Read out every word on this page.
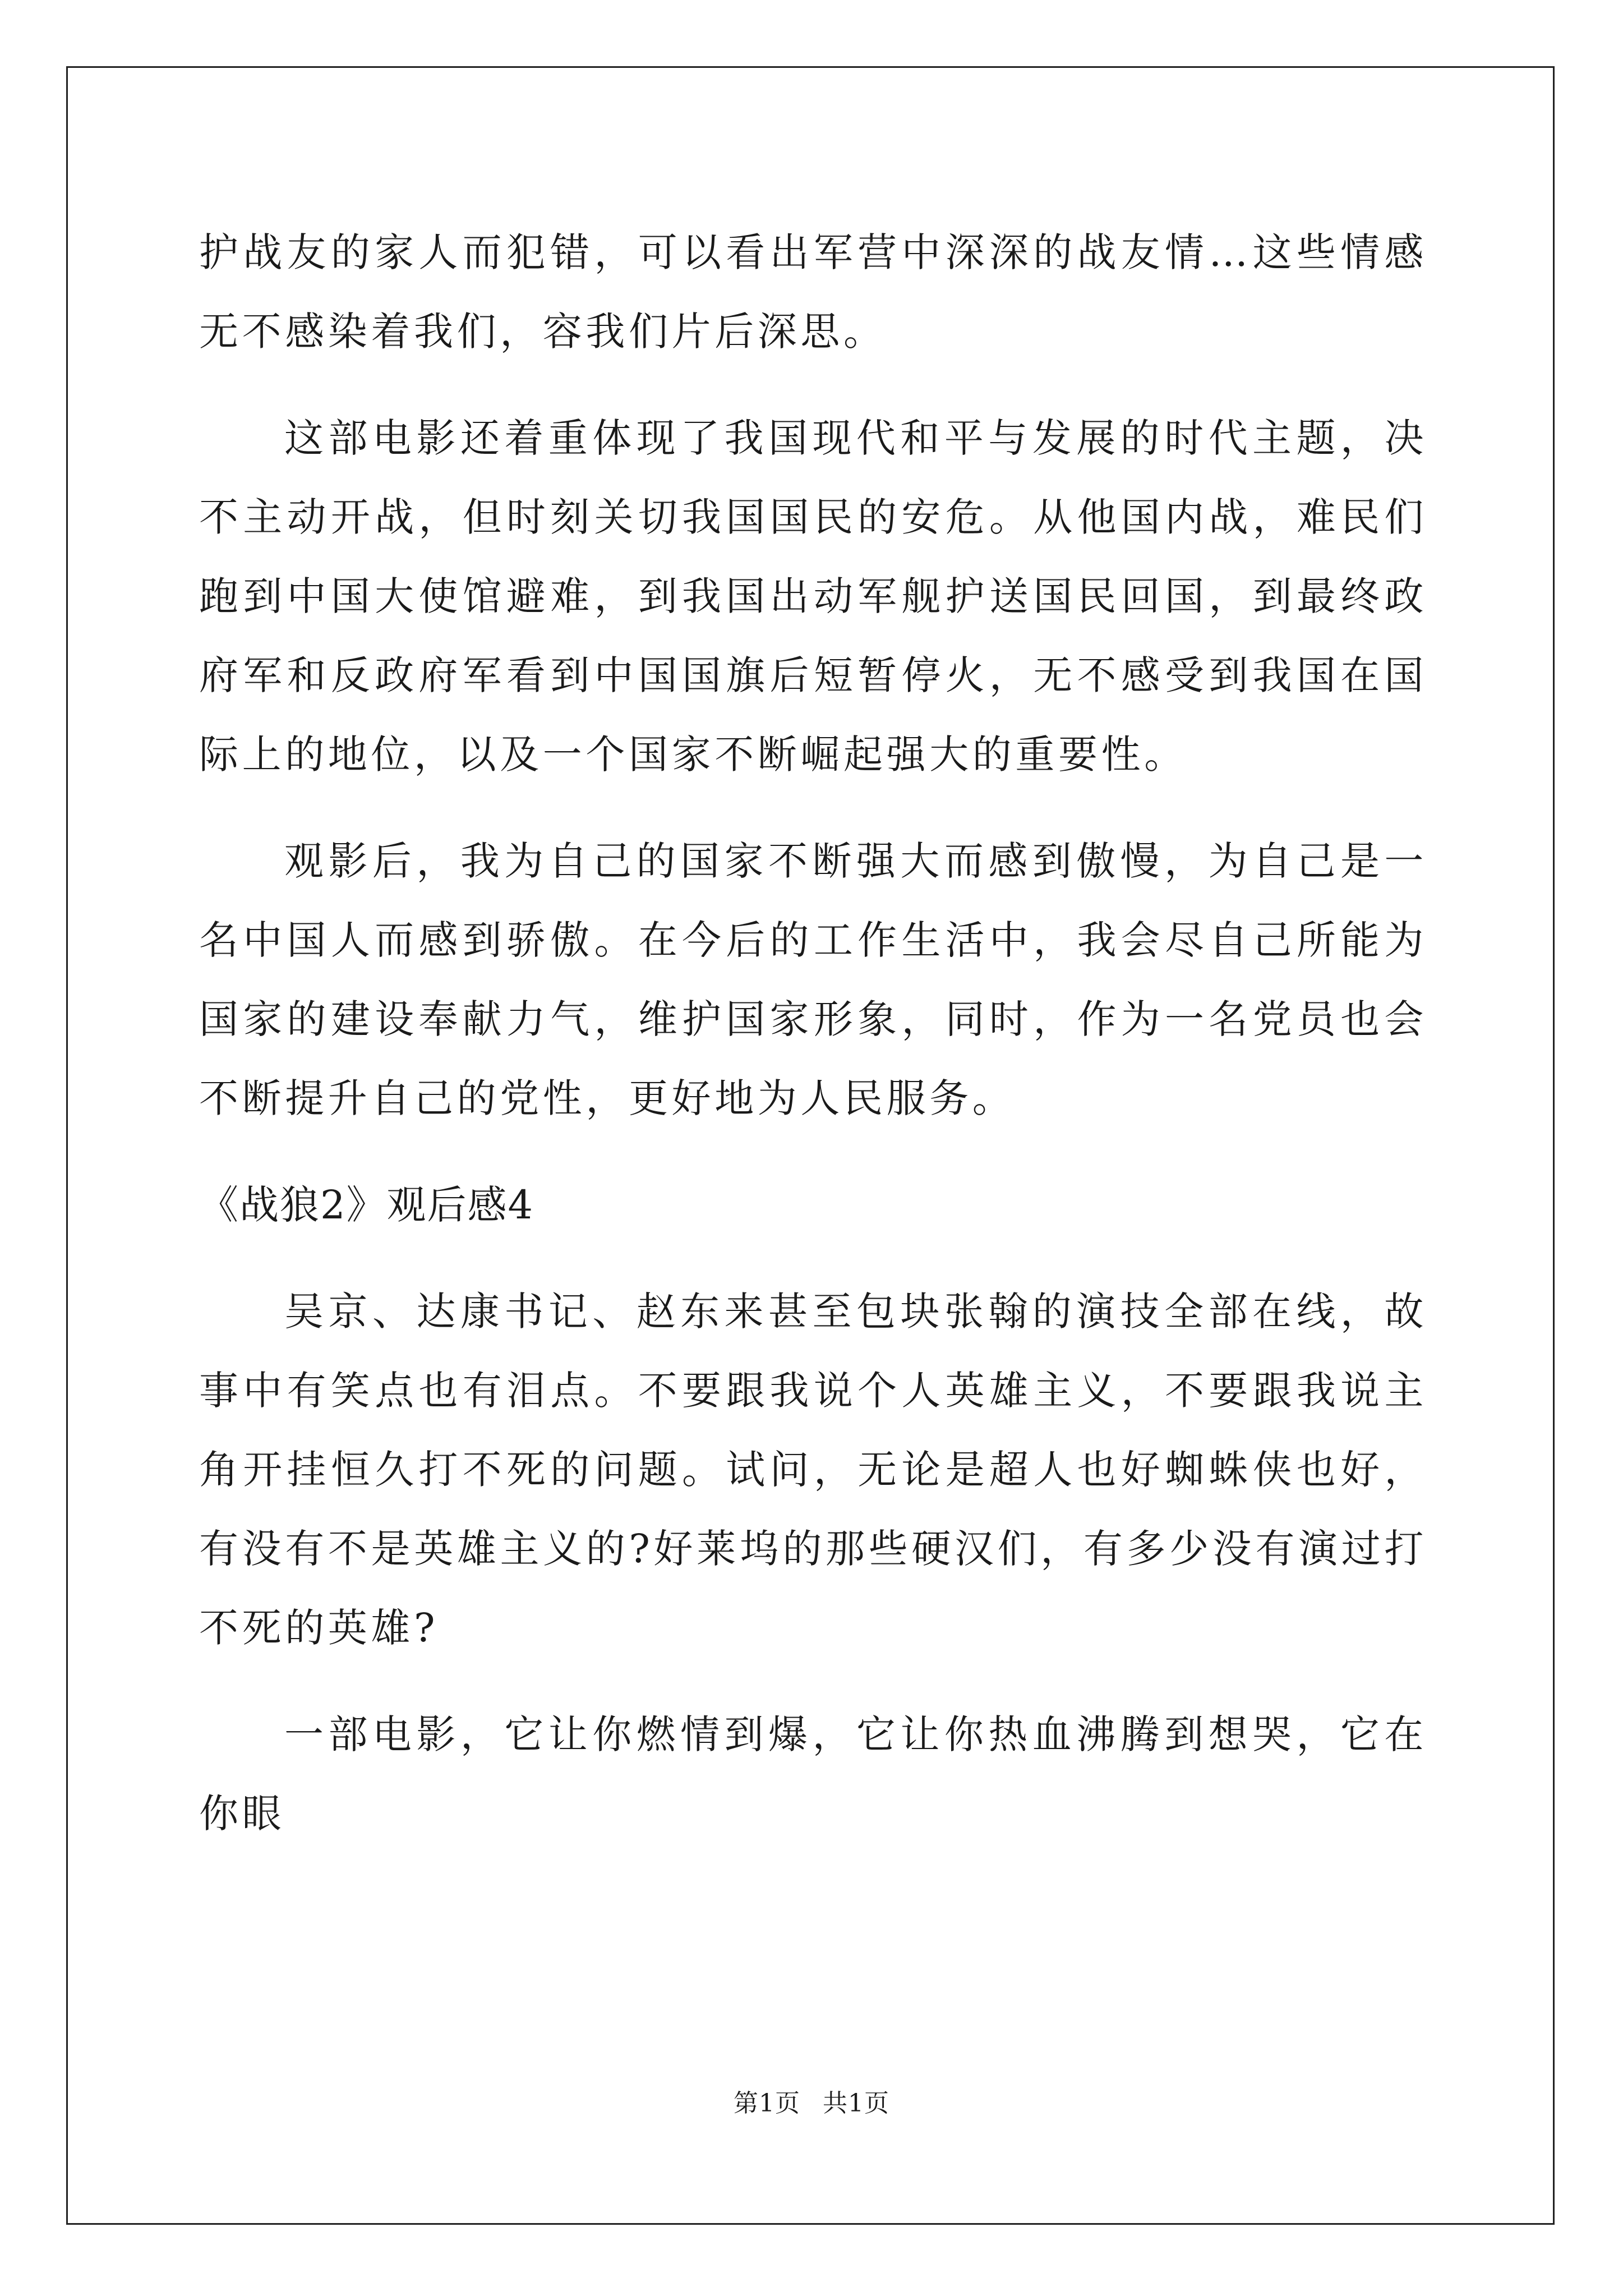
护战友的家人而犯错，可以看出军营中深深的战友情…这些情感无不感染着我们，容我们片后深思。

这部电影还着重体现了我国现代和平与发展的时代主题，决不主动开战，但时刻关切我国国民的安危。从他国内战，难民们跑到中国大使馆避难，到我国出动军舰护送国民回国，到最终政府军和反政府军看到中国国旗后短暂停火，无不感受到我国在国际上的地位，以及一个国家不断崛起强大的重要性。

观影后，我为自己的国家不断强大而感到傲慢，为自己是一名中国人而感到骄傲。在今后的工作生活中，我会尽自己所能为国家的建设奉献力气，维护国家形象，同时，作为一名党员也会不断提升自己的党性，更好地为人民服务。

《战狼2》观后感4

吴京、达康书记、赵东来甚至包块张翰的演技全部在线，故事中有笑点也有泪点。不要跟我说个人英雄主义，不要跟我说主角开挂恒久打不死的问题。试问，无论是超人也好蜘蛛侠也好，有没有不是英雄主义的?好莱坞的那些硬汉们，有多少没有演过打不死的英雄?

一部电影，它让你燃情到爆，它让你热血沸腾到想哭，它在你眼

第1页 共1页
